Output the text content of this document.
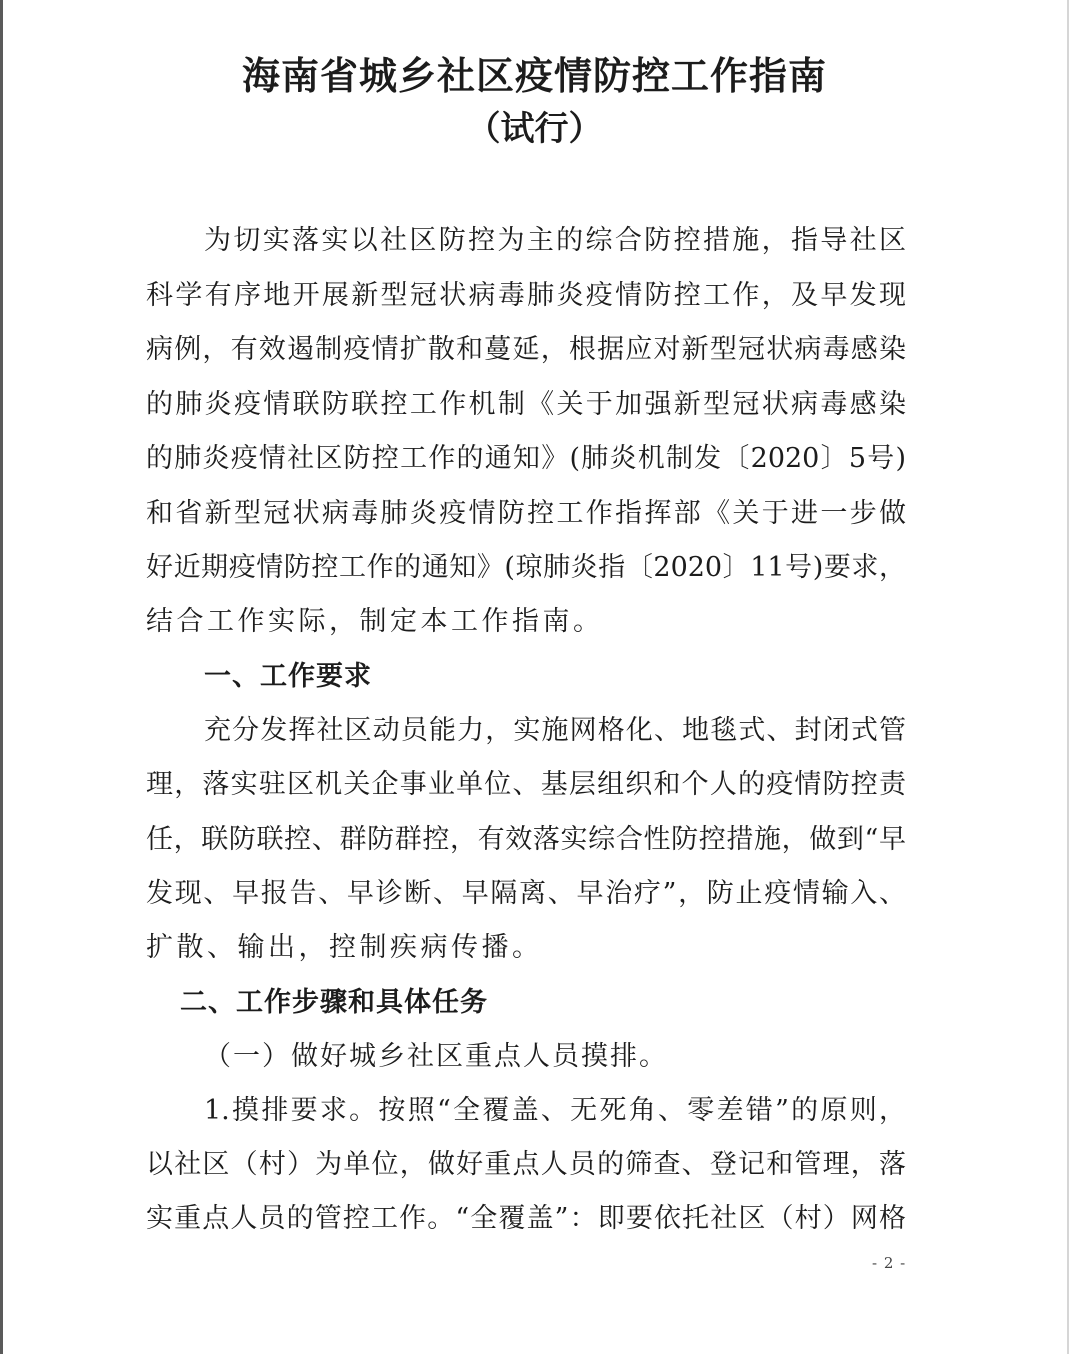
海南省城乡社区疫情防控工作指南
（试行）
为切实落实以社区防控为主的综合防控措施，指导社区
科学有序地开展新型冠状病毒肺炎疫情防控工作，及早发现
病例，有效遏制疫情扩散和蔓延，根据应对新型冠状病毒感染
的肺炎疫情联防联控工作机制《关于加强新型冠状病毒感染
的肺炎疫情社区防控工作的通知》(肺炎机制发〔2020〕5号)
和省新型冠状病毒肺炎疫情防控工作指挥部《关于进一步做
好近期疫情防控工作的通知》(琼肺炎指〔2020〕11号)要求，
结合工作实际，制定本工作指南。
一、工作要求
充分发挥社区动员能力，实施网格化、地毯式、封闭式管
理，落实驻区机关企事业单位、基层组织和个人的疫情防控责
任，联防联控、群防群控，有效落实综合性防控措施，做到“早
发现、早报告、早诊断、早隔离、早治疗”，防止疫情输入、
扩散、输出，控制疾病传播。
二、工作步骤和具体任务
（一）做好城乡社区重点人员摸排。
1.摸排要求。按照“全覆盖、无死角、零差错”的原则，
以社区（村）为单位，做好重点人员的筛查、登记和管理，落
实重点人员的管控工作。“全覆盖”：即要依托社区（村）网格
- 2 -
